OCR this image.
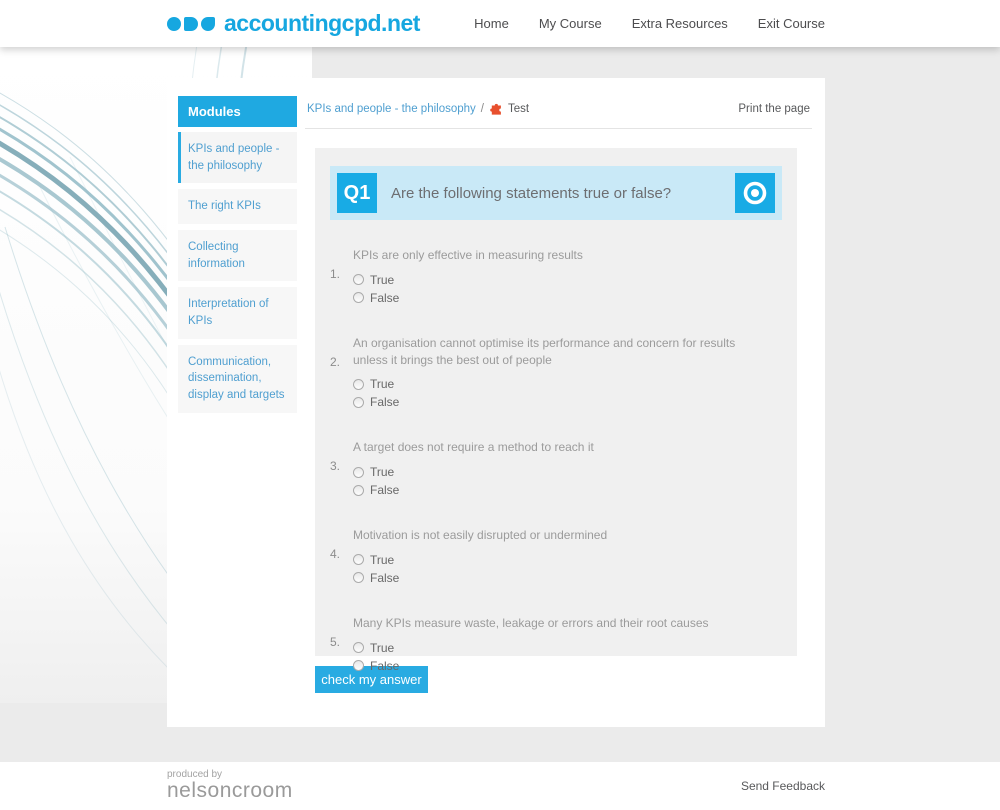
accountingcpd.net	Home My Course Extra Resources Exit Course
Modules
KPIs and people - the philosophy
The right KPIs
Collecting information
Interpretation of KPIs
Communication, dissemination, display and targets
KPIs and people - the philosophy / Test	Print the page
Q1	Are the following statements true or false?
1.
KPIs are only effective in measuring results
True
False
2.
An organisation cannot optimise its performance and concern for results unless it brings the best out of people
True
False
3.
A target does not require a method to reach it
True
False
4.
Motivation is not easily disrupted or undermined
True
False
5.
Many KPIs measure waste, leakage or errors and their root causes
True
False
check my answer
produced by
nelsoncroom	Send Feedback
